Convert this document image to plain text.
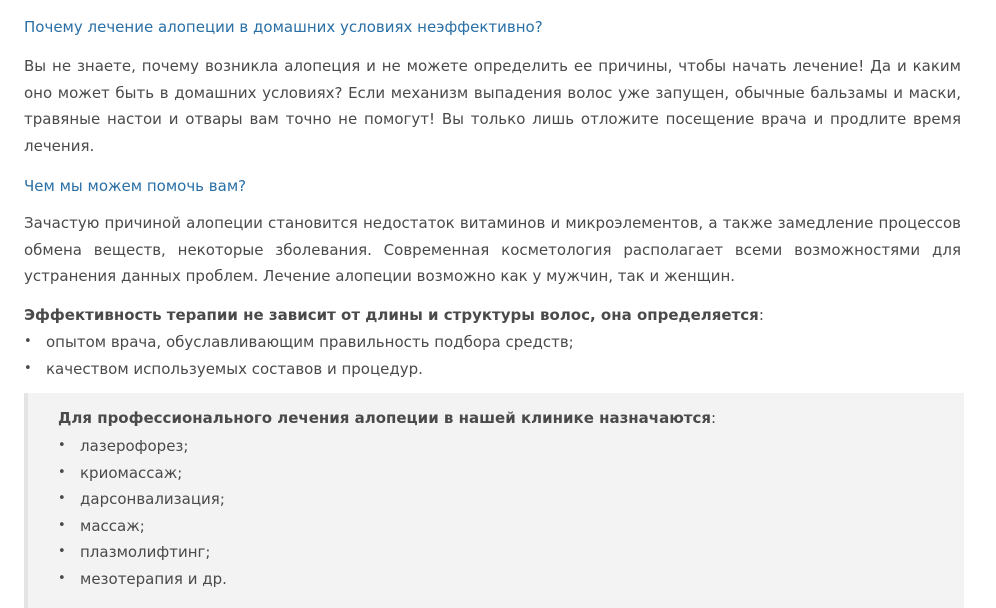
Почему лечение алопеции в домашних условиях неэффективно?
Вы не знаете, почему возникла алопеция и не можете определить ее причины, чтобы начать лечение! Да и каким оно может быть в домашних условиях? Если механизм выпадения волос уже запущен, обычные бальзамы и маски, травяные настои и отвары вам точно не помогут! Вы только лишь отложите посещение врача и продлите время лечения.
Чем мы можем помочь вам?
Зачастую причиной алопеции становится недостаток витаминов и микроэлементов, а также замедление процессов обмена веществ, некоторые зболевания. Современная косметология располагает всеми возможностями для устранения данных проблем. Лечение алопеции возможно как у мужчин, так и женщин.
Эффективность терапии не зависит от длины и структуры волос, она определяется:
• опытом врача, обуславливающим правильность подбора средств;
• качеством используемых составов и процедур.
Для профессионального лечения алопеции в нашей клинике назначаются:
• лазерофорез;
• криомассаж;
• дарсонвализация;
• массаж;
• плазмолифтинг;
• мезотерапия и др.
